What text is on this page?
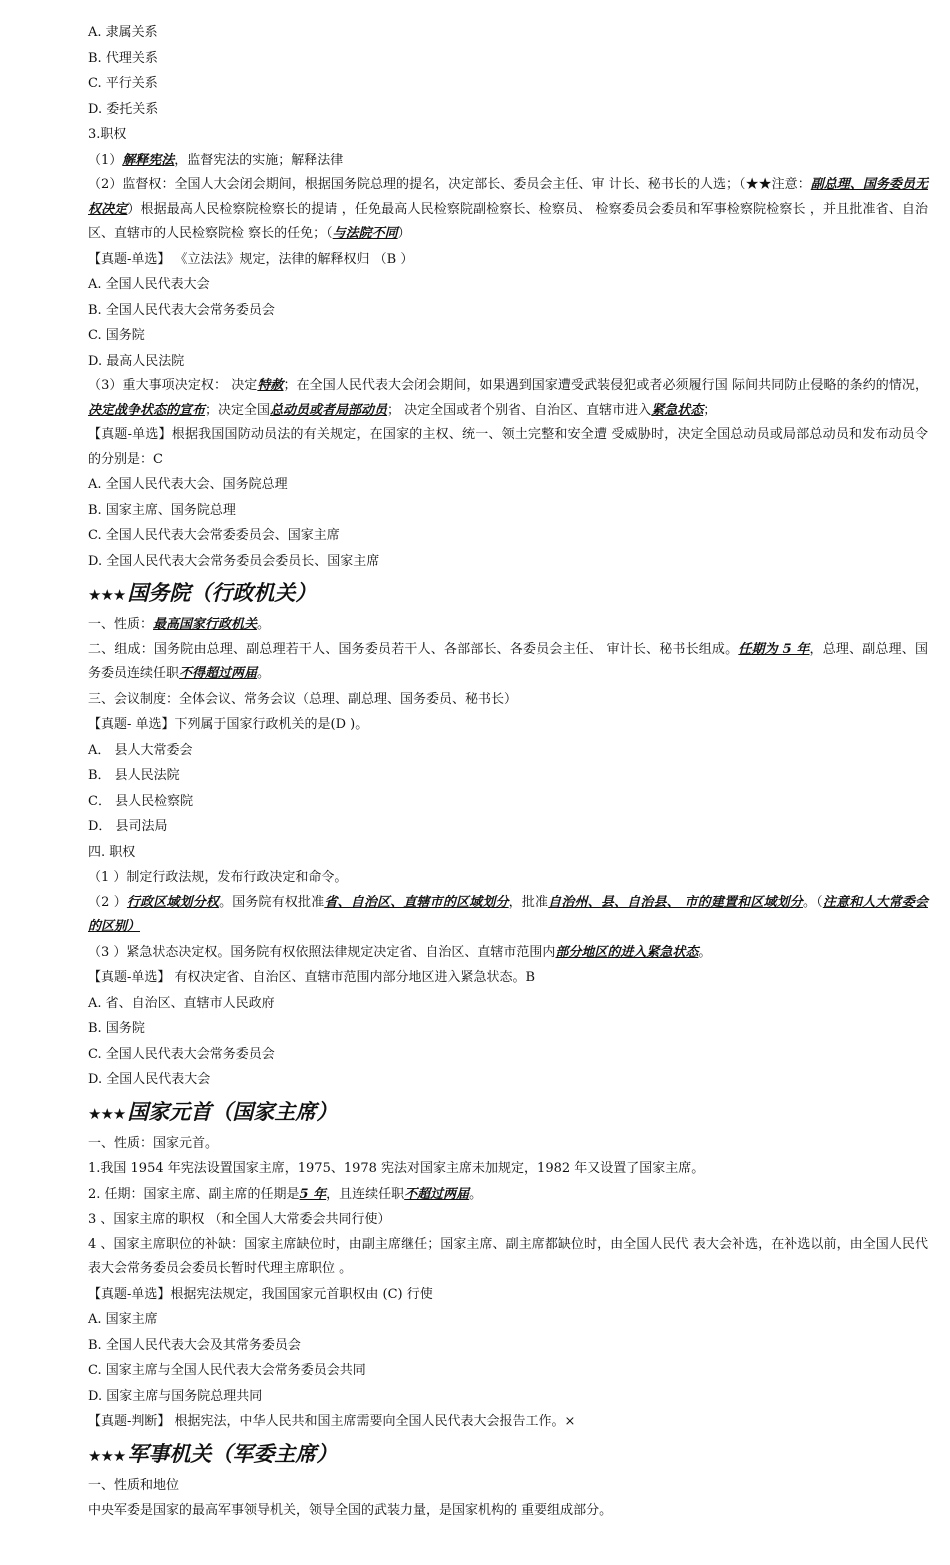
A. 隶属关系

B. 代理关系

C. 平行关系

D. 委托关系

3.职权

（1）解释宪法，监督宪法的实施；解释法律

（2）监督权：全国人大会闭会期间，根据国务院总理的提名，决定部长、委员会主任、审 计长、秘书长的人选；（★★注意：副总理、国务委员无权决定）根据最高人民检察院检察长的提请 ，任免最高人民检察院副检察长、检察员、 检察委员会委员和军事检察院检察长 ，并且批准省、自治区、直辖市的人民检察院检 察长的任免；（与法院不同）

【真题-单选】 《立法法》规定，法律的解释权归 （B ）

A. 全国人民代表大会

B. 全国人民代表大会常务委员会

C. 国务院

D. 最高人民法院

（3）重大事项决定权： 决定特赦；在全国人民代表大会闭会期间，如果遇到国家遭受武装侵犯或者必须履行国 际间共同防止侵略的条约的情况，决定战争状态的宣布；决定全国总动员或者局部动员； 决定全国或者个别省、自治区、直辖市进入紧急状态；

【真题-单选】根据我国国防动员法的有关规定，在国家的主权、统一、领土完整和安全遭 受威胁时，决定全国总动员或局部总动员和发布动员令的分别是：C

A. 全国人民代表大会、国务院总理

B. 国家主席、国务院总理

C. 全国人民代表大会常委委员会、国家主席

D. 全国人民代表大会常务委员会委员长、国家主席

★★★国务院（行政机关）

一、性质：最高国家行政机关。

二、组成：国务院由总理、副总理若干人、国务委员若干人、各部部长、各委员会主任、 审计长、秘书长组成。任期为 5 年，总理、副总理、国务委员连续任职不得超过两届。

三、会议制度：全体会议、常务会议（总理、副总理、国务委员、秘书长）

【真题- 单选】下列属于国家行政机关的是(D )。

A． 县人大常委会

B． 县人民法院

C． 县人民检察院

D． 县司法局

四. 职权

（1 ）制定行政法规，发布行政决定和命令。

（2 ）行政区域划分权。国务院有权批准省、自治区、直辖市的区域划分，批准自治州、县、自治县、 市的建置和区域划分。（注意和人大常委会的区别）

（3 ）紧急状态决定权。国务院有权依照法律规定决定省、自治区、直辖市范围内部分地区的进入紧急状态。

【真题-单选】 有权决定省、自治区、直辖市范围内部分地区进入紧急状态。B

A. 省、自治区、直辖市人民政府

B. 国务院

C. 全国人民代表大会常务委员会

D. 全国人民代表大会

★★★国家元首（国家主席）

一、性质：国家元首。

1.我国 1954 年宪法设置国家主席，1975、1978 宪法对国家主席未加规定，1982 年又设置了国家主席。

2. 任期：国家主席、副主席的任期是5 年，且连续任职不超过两届。

3 、国家主席的职权 （和全国人大常委会共同行使）

4 、国家主席职位的补缺：国家主席缺位时，由副主席继任；国家主席、副主席都缺位时，由全国人民代 表大会补选，在补选以前，由全国人民代表大会常务委员会委员长暂时代理主席职位 。

【真题-单选】根据宪法规定，我国国家元首职权由 (C) 行使

A. 国家主席

B. 全国人民代表大会及其常务委员会

C. 国家主席与全国人民代表大会常务委员会共同

D. 国家主席与国务院总理共同

【真题-判断】 根据宪法，中华人民共和国主席需要向全国人民代表大会报告工作。×

★★★军事机关（军委主席）

一、性质和地位

中央军委是国家的最高军事领导机关，领导全国的武装力量，是国家机构的 重要组成部分。
